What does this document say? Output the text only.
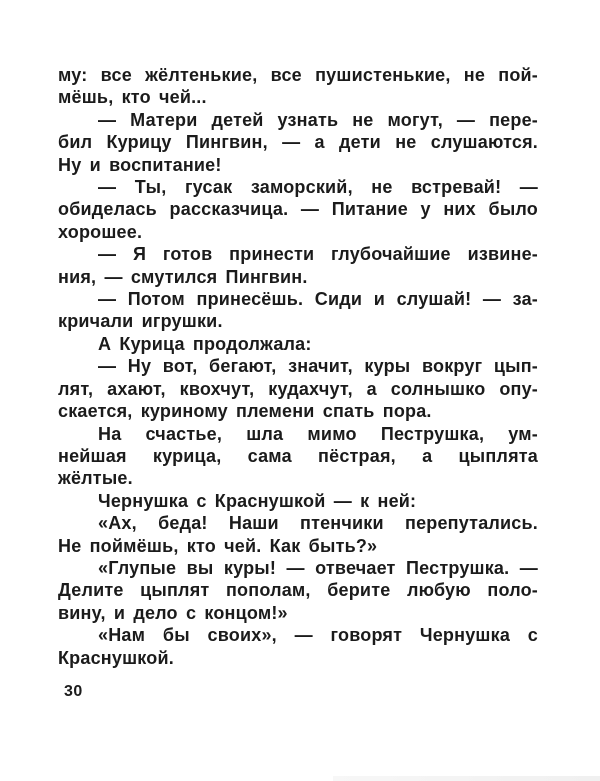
му: все жёлтенькие, все пушистенькие, не пой-
мёшь, кто чей...
— Матери детей узнать не могут, — пере-
бил Курицу Пингвин, — а дети не слушаются.
Ну и воспитание!
— Ты, гусак заморский, не встревай! —
обиделась рассказчица. — Питание у них было
хорошее.
— Я готов принести глубочайшие извине-
ния, — смутился Пингвин.
— Потом принесёшь. Сиди и слушай! — за-
кричали игрушки.
А Курица продолжала:
— Ну вот, бегают, значит, куры вокруг цып-
лят, ахают, квохчут, кудахчут, а солнышко опу-
скается, куриному племени спать пора.
На счастье, шла мимо Пеструшка, ум-
нейшая курица, сама пёстрая, а цыплята
жёлтые.
Чернушка с Краснушкой — к ней:
«Ах, беда! Наши птенчики перепутались.
Не поймёшь, кто чей. Как быть?»
«Глупые вы куры! — отвечает Пеструшка. —
Делите цыплят пополам, берите любую поло-
вину, и дело с концом!»
«Нам бы своих», — говорят Чернушка с
Краснушкой.
30
